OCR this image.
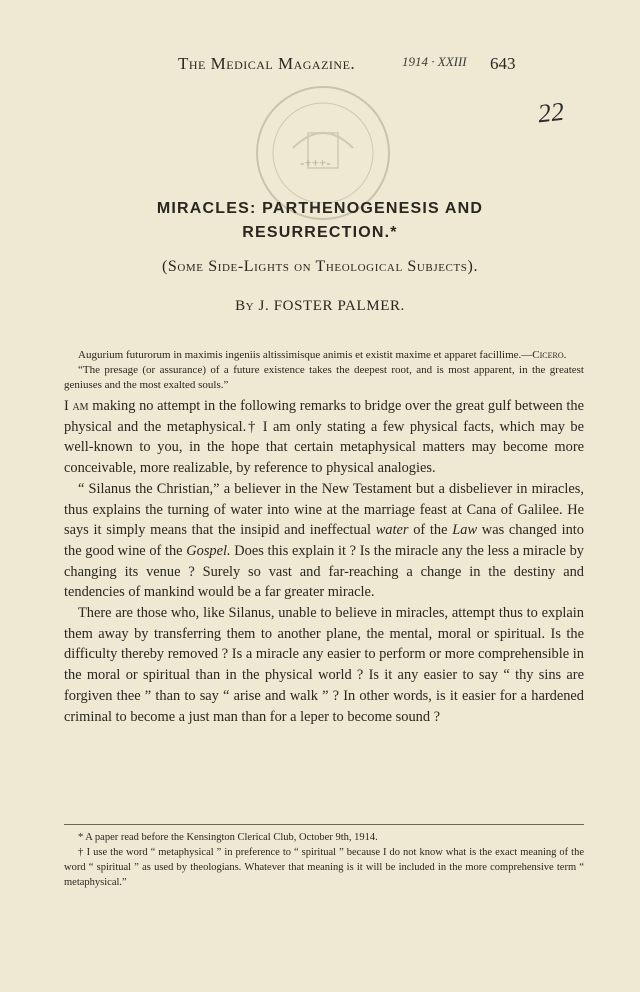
The Medical Magazine.	1914 · XXIII 643
22
-+++-
MIRACLES: PARTHENOGENESIS AND
RESURRECTION.*
(Some Side-Lights on Theological Subjects).
By J. FOSTER PALMER.

Augurium futurorum in maximis ingeniis altissimisque animis et existit maxime et apparet facillime.—Cicero.

“The presage (or assurance) of a future existence takes the deepest root, and is most apparent, in the greatest geniuses and the most exalted souls.”

I am making no attempt in the following remarks to bridge over the great gulf between the physical and the metaphysical.† I am only stating a few physical facts, which may be well-known to you, in the hope that certain metaphysical matters may become more conceivable, more realizable, by reference to physical analogies.

“ Silanus the Christian,” a believer in the New Testament but a disbeliever in miracles, thus explains the turning of water into wine at the marriage feast at Cana of Galilee. He says it simply means that the insipid and ineffectual water of the Law was changed into the good wine of the Gospel. Does this explain it ? Is the miracle any the less a miracle by changing its venue ? Surely so vast and far-reaching a change in the destiny and tendencies of mankind would be a far greater miracle.

There are those who, like Silanus, unable to believe in miracles, attempt thus to explain them away by transferring them to another plane, the mental, moral or spiritual. Is the difficulty thereby removed ? Is a miracle any easier to perform or more comprehensible in the moral or spiritual than in the physical world ? Is it any easier to say “ thy sins are forgiven thee ” than to say “ arise and walk ” ? In other words, is it easier for a hardened criminal to become a just man than for a leper to become sound ?

* A paper read before the Kensington Clerical Club, October 9th, 1914.

† I use the word “ metaphysical ” in preference to “ spiritual ” because I do not know what is the exact meaning of the word “ spiritual ” as used by theologians. Whatever that meaning is it will be included in the more comprehensive term “ metaphysical.”
